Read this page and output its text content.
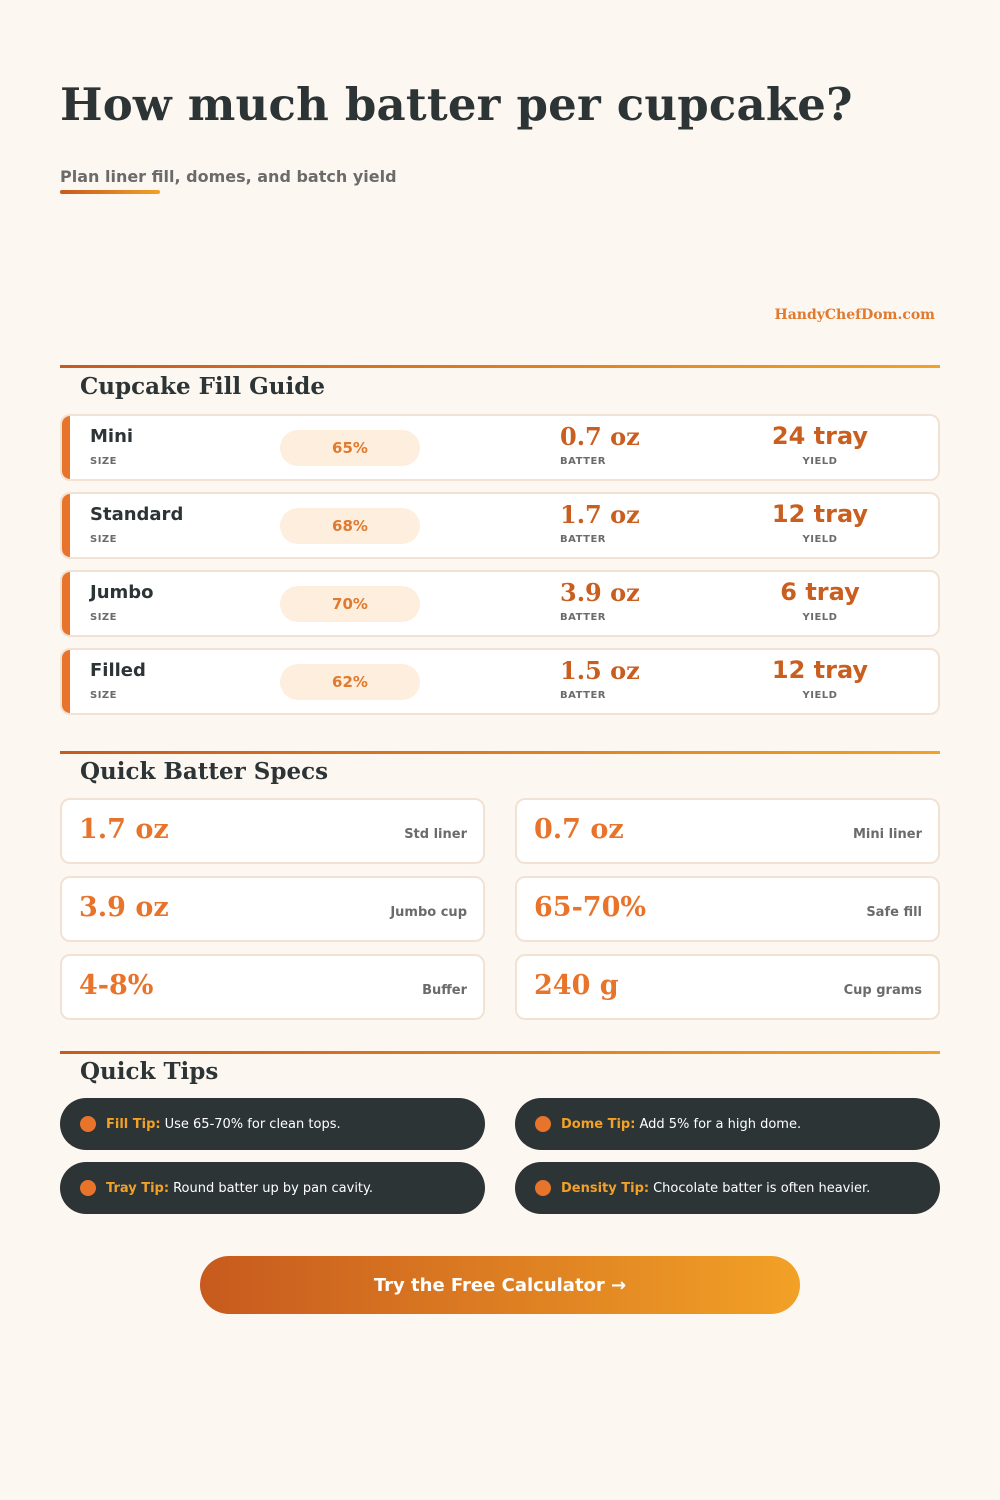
How much batter per cupcake?
Plan liner fill, domes, and batch yield
HandyChefDom.com
Cupcake Fill Guide
Mini
SIZE
65%	0.7 oz
BATTER
24 tray
YIELD
Standard
SIZE
68%	1.7 oz
BATTER
12 tray
YIELD
Jumbo
SIZE
70%	3.9 oz
BATTER
6 tray
YIELD
Filled
SIZE
62%	1.5 oz
BATTER
12 tray
YIELD
Quick Batter Specs
1.7 oz	Std liner 0.7 oz	Mini liner
3.9 oz	Jumbo cup 65-70%	Safe fill
4-8%	Buffer 240 g	Cup grams
Quick Tips
Fill Tip: Use 65-70% for clean tops.	Dome Tip: Add 5% for a high dome.
Tray Tip: Round batter up by pan cavity.	Density Tip: Chocolate batter is often heavier.
Try the Free Calculator →
